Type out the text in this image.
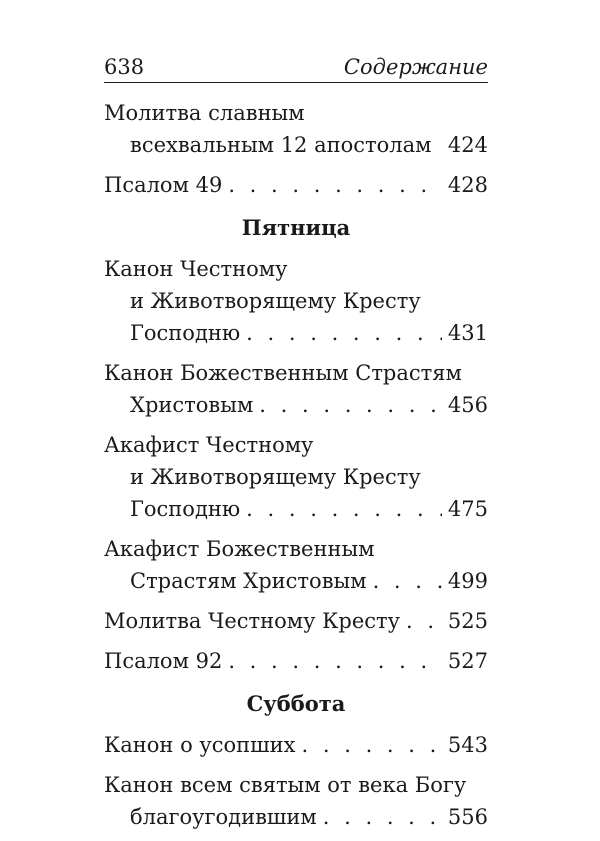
638	Содержание
Молитва славным
всехвальным 12 апостолам 424
Псалом 49 . . .	428
Пятница
Канон Честному
и Животворящему Кресту
Господню . . .	431
Канон Божественным Страстям
Христовым . . .	456
Акафист Честному
и Животворящему Кресту
Господню . . .	475
Акафист Божественным
Страстям Христовым . . .	499
Молитва Честному Кресту . . . 525
Псалом 92 . . .	527
Суббота
Канон о усопших . . .	543
Канон всем святым от века Богу
благоугодившим . . .	556
